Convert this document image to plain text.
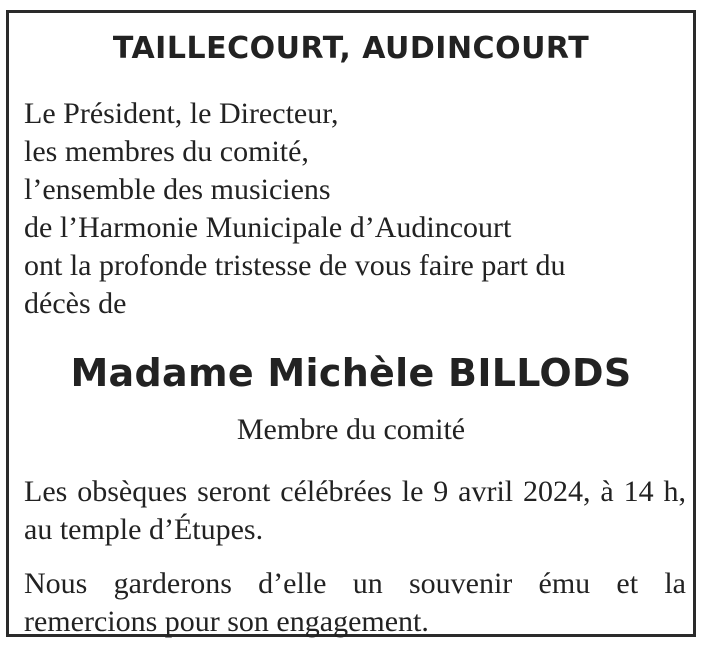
TAILLECOURT, AUDINCOURT
Le Président, le Directeur,
les membres du comité,
l’ensemble des musiciens
de l’Harmonie Municipale d’Audincourt
ont la profonde tristesse de vous faire part du
décès de
Madame Michèle BILLODS
Membre du comité
Les obsèques seront célébrées le 9 avril 2024, à 14 h, au temple d’Étupes.
Nous garderons d’elle un souvenir ému et la remercions pour son engagement.
